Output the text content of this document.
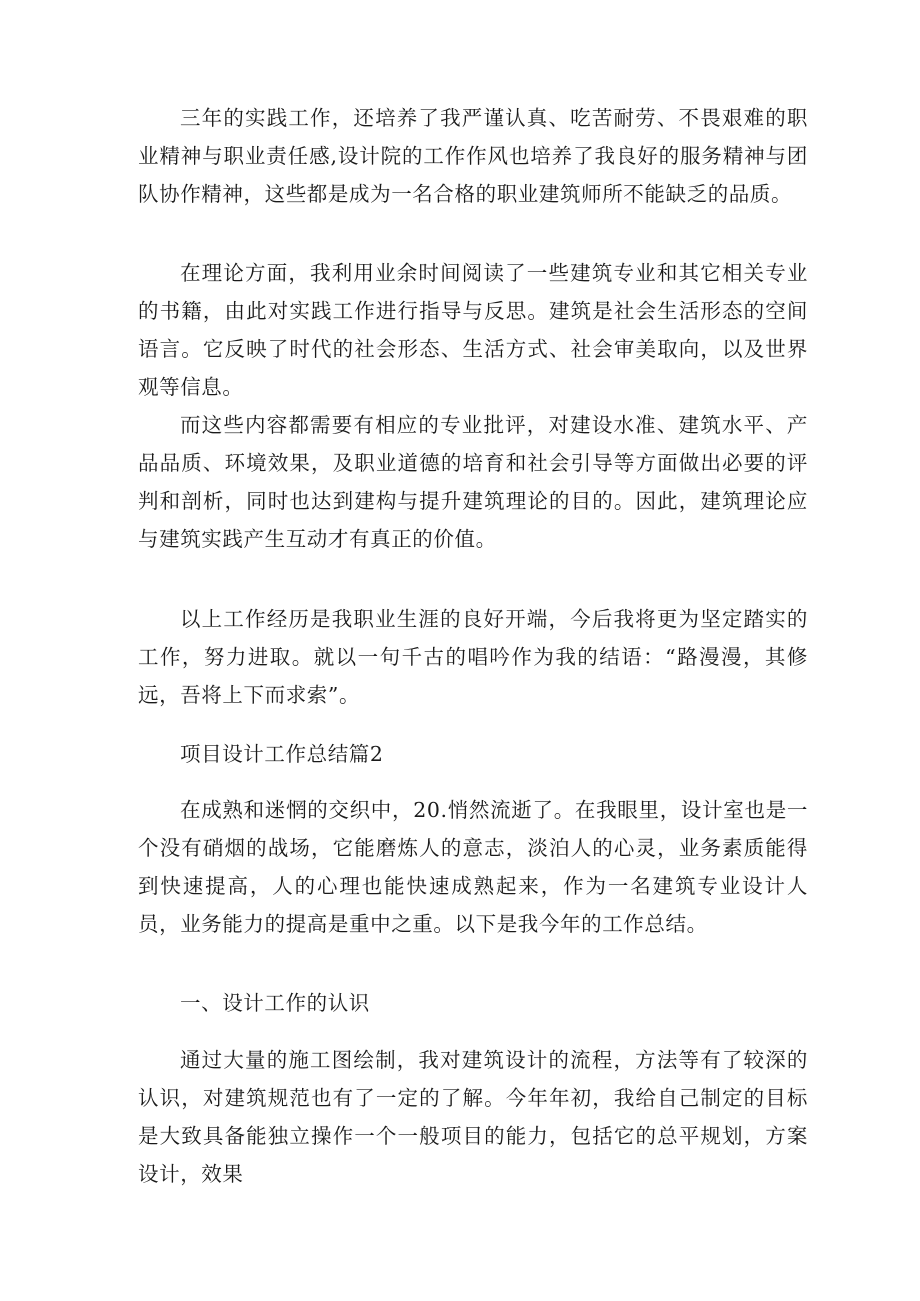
三年的实践工作，还培养了我严谨认真、吃苦耐劳、不畏艰难的职业精神与职业责任感,设计院的工作作风也培养了我良好的服务精神与团队协作精神，这些都是成为一名合格的职业建筑师所不能缺乏的品质。

在理论方面，我利用业余时间阅读了一些建筑专业和其它相关专业的书籍，由此对实践工作进行指导与反思。建筑是社会生活形态的空间语言。它反映了时代的社会形态、生活方式、社会审美取向，以及世界观等信息。

而这些内容都需要有相应的专业批评，对建设水准、建筑水平、产品品质、环境效果，及职业道德的培育和社会引导等方面做出必要的评判和剖析，同时也达到建构与提升建筑理论的目的。因此，建筑理论应与建筑实践产生互动才有真正的价值。

以上工作经历是我职业生涯的良好开端，今后我将更为坚定踏实的工作，努力进取。就以一句千古的唱吟作为我的结语：“路漫漫，其修远，吾将上下而求索”。

项目设计工作总结篇2

在成熟和迷惘的交织中，20.悄然流逝了。在我眼里，设计室也是一个没有硝烟的战场，它能磨炼人的意志，淡泊人的心灵，业务素质能得到快速提高，人的心理也能快速成熟起来，作为一名建筑专业设计人员，业务能力的提高是重中之重。以下是我今年的工作总结。

一、设计工作的认识

通过大量的施工图绘制，我对建筑设计的流程，方法等有了较深的认识，对建筑规范也有了一定的了解。今年年初，我给自己制定的目标是大致具备能独立操作一个一般项目的能力，包括它的总平规划，方案设计，效果
